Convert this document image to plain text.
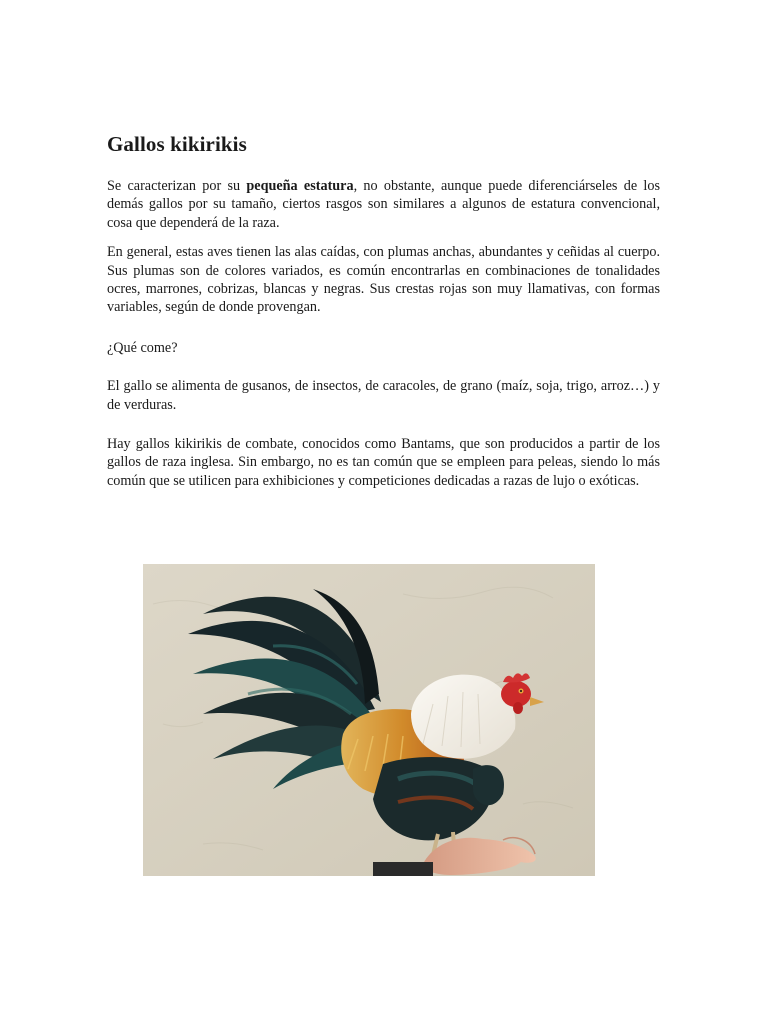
Gallos kikirikis

Se caracterizan por su pequeña estatura, no obstante, aunque puede diferenciárseles de los demás gallos por su tamaño, ciertos rasgos son similares a algunos de estatura convencional, cosa que dependerá de la raza.

En general, estas aves tienen las alas caídas, con plumas anchas, abundantes y ceñidas al cuerpo. Sus plumas son de colores variados, es común encontrarlas en combinaciones de tonalidades ocres, marrones, cobrizas, blancas y negras. Sus crestas rojas son muy llamativas, con formas variables, según de donde provengan.

¿Qué come?

El gallo se alimenta de gusanos, de insectos, de caracoles, de grano (maíz, soja, trigo, arroz…) y de verduras.

Hay gallos kikirikis de combate, conocidos como Bantams, que son producidos a partir de los gallos de raza inglesa. Sin embargo, no es tan común que se empleen para peleas, siendo lo más común que se utilicen para exhibiciones y competiciones dedicadas a razas de lujo o exóticas.
